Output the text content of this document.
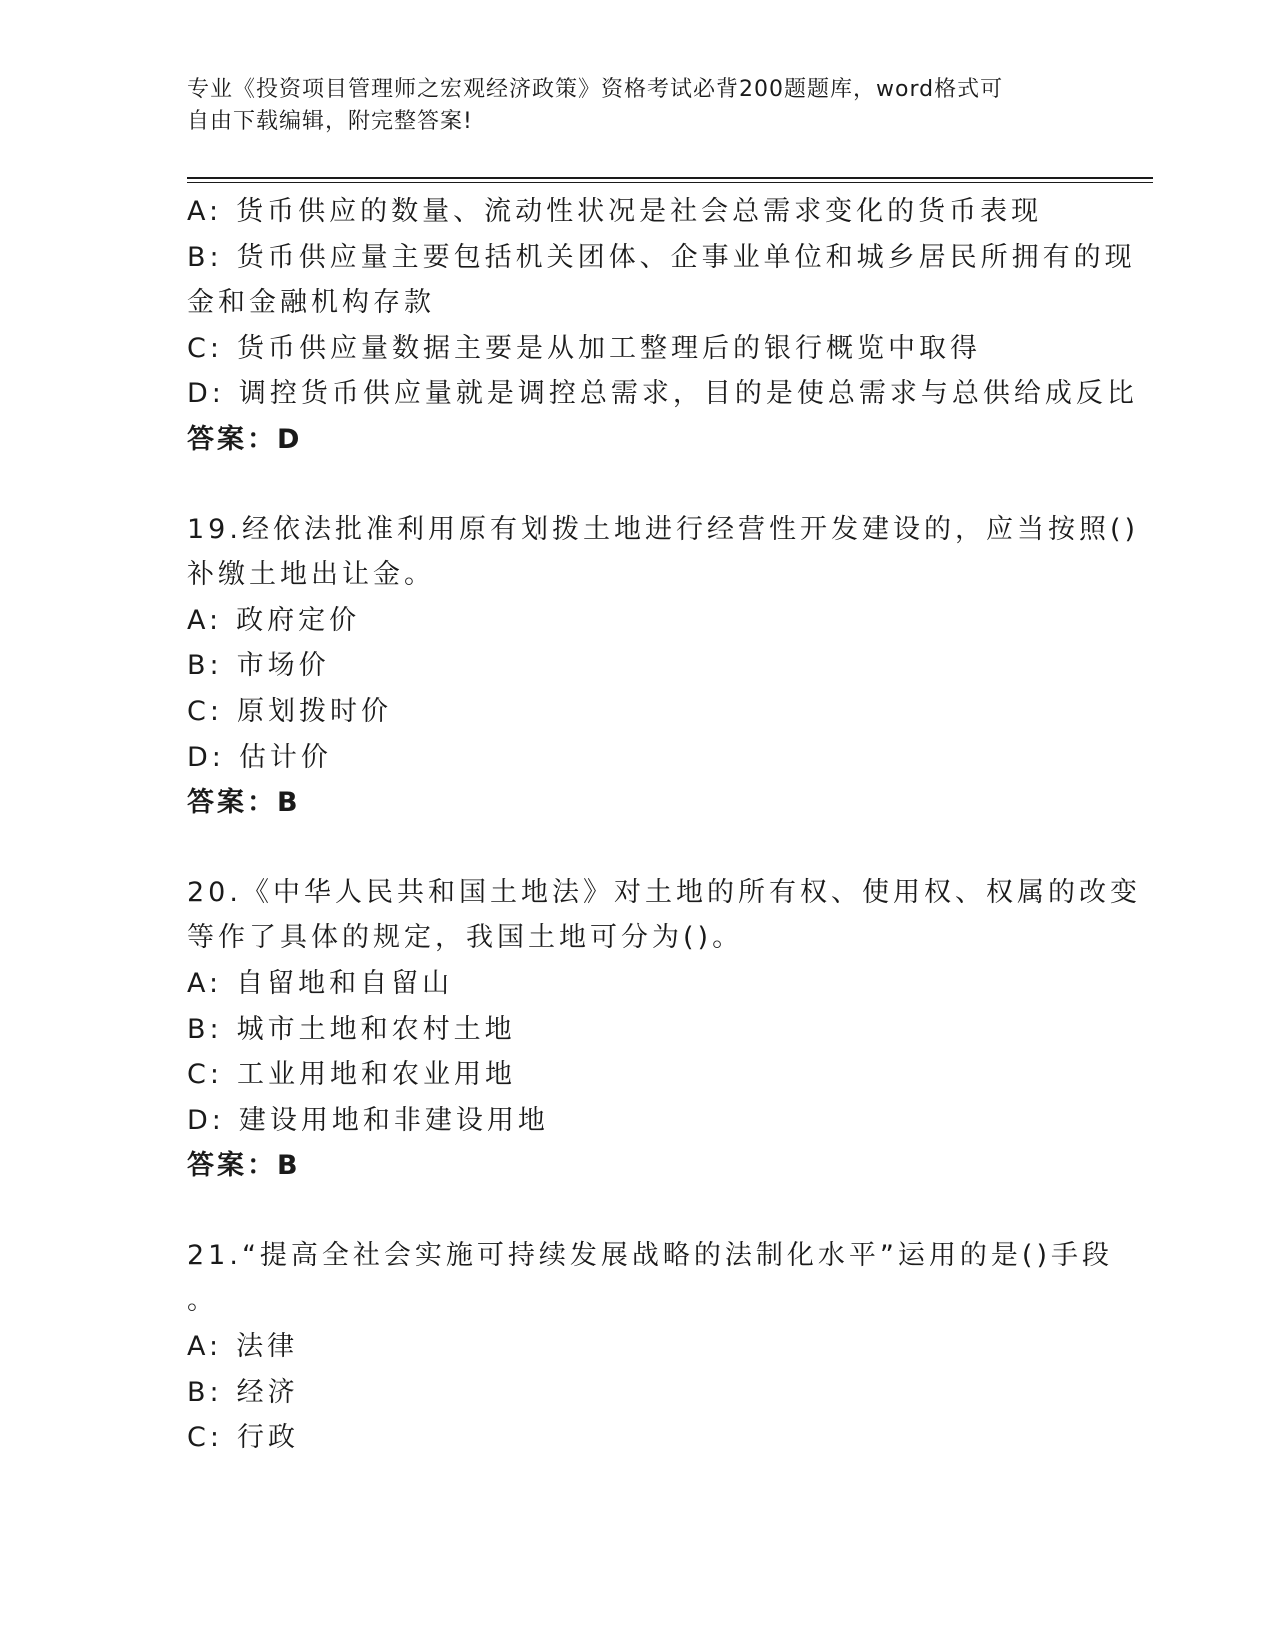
专业《投资项目管理师之宏观经济政策》资格考试必背200题题库，word格式可

自由下载编辑，附完整答案!

A: 货币供应的数量、流动性状况是社会总需求变化的货币表现

B: 货币供应量主要包括机关团体、企事业单位和城乡居民所拥有的现

金和金融机构存款

C: 货币供应量数据主要是从加工整理后的银行概览中取得

D: 调控货币供应量就是调控总需求，目的是使总需求与总供给成反比

答案：D

19.经依法批准利用原有划拨土地进行经营性开发建设的，应当按照()

补缴土地出让金。

A: 政府定价

B: 市场价

C: 原划拨时价

D: 估计价

答案：B

20.《中华人民共和国土地法》对土地的所有权、使用权、权属的改变

等作了具体的规定，我国土地可分为()。

A: 自留地和自留山

B: 城市土地和农村土地

C: 工业用地和农业用地

D: 建设用地和非建设用地

答案：B

21.“提高全社会实施可持续发展战略的法制化水平”运用的是()手段

。

A: 法律

B: 经济

C: 行政
